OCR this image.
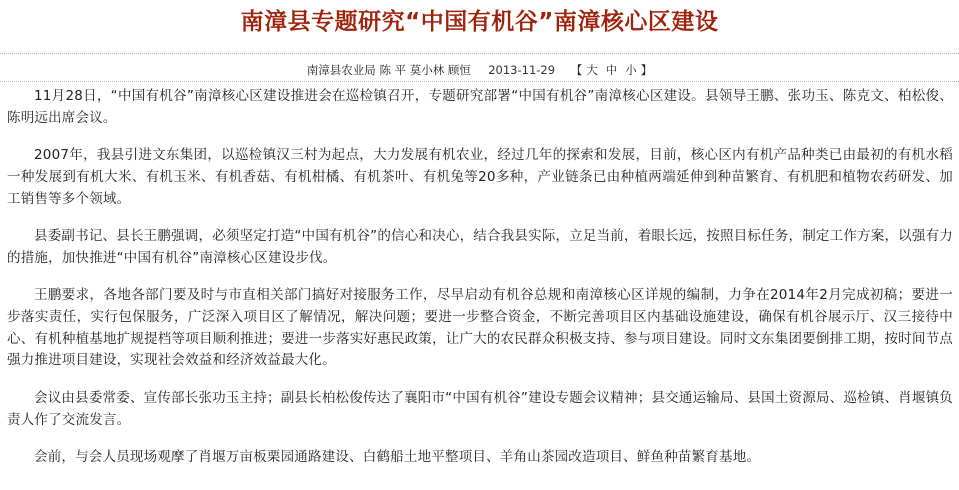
南漳县专题研究“中国有机谷”南漳核心区建设
南漳县农业局 陈 平 莫小林 顾恒 2013-11-29 【 大 中 小 】

11月28日，“中国有机谷”南漳核心区建设推进会在巡检镇召开，专题研究部署“中国有机谷”南漳核心区建设。县领导王鹏、张功玉、陈克文、柏松俊、陈明远出席会议。

2007年，我县引进文东集团，以巡检镇汉三村为起点，大力发展有机农业，经过几年的探索和发展，目前，核心区内有机产品种类已由最初的有机水稻一种发展到有机大米、有机玉米、有机香菇、有机柑橘、有机茶叶、有机兔等20多种，产业链条已由种植两端延伸到种苗繁育、有机肥和植物农药研发、加工销售等多个领域。

县委副书记、县长王鹏强调，必须坚定打造“中国有机谷”的信心和决心，结合我县实际，立足当前，着眼长远，按照目标任务，制定工作方案，以强有力的措施，加快推进“中国有机谷”南漳核心区建设步伐。

王鹏要求，各地各部门要及时与市直相关部门搞好对接服务工作，尽早启动有机谷总规和南漳核心区详规的编制，力争在2014年2月完成初稿；要进一步落实责任，实行包保服务，广泛深入项目区了解情况，解决问题；要进一步整合资金，不断完善项目区内基础设施建设，确保有机谷展示厅、汉三接待中心、有机种植基地扩规提档等项目顺利推进；要进一步落实好惠民政策，让广大的农民群众积极支持、参与项目建设。同时文东集团要倒排工期，按时间节点强力推进项目建设，实现社会效益和经济效益最大化。

会议由县委常委、宣传部长张功玉主持；副县长柏松俊传达了襄阳市“中国有机谷”建设专题会议精神；县交通运输局、县国土资源局、巡检镇、肖堰镇负责人作了交流发言。

会前，与会人员现场观摩了肖堰万亩板栗园通路建设、白鹤船土地平整项目、羊角山茶园改造项目、鲜鱼种苗繁育基地。
